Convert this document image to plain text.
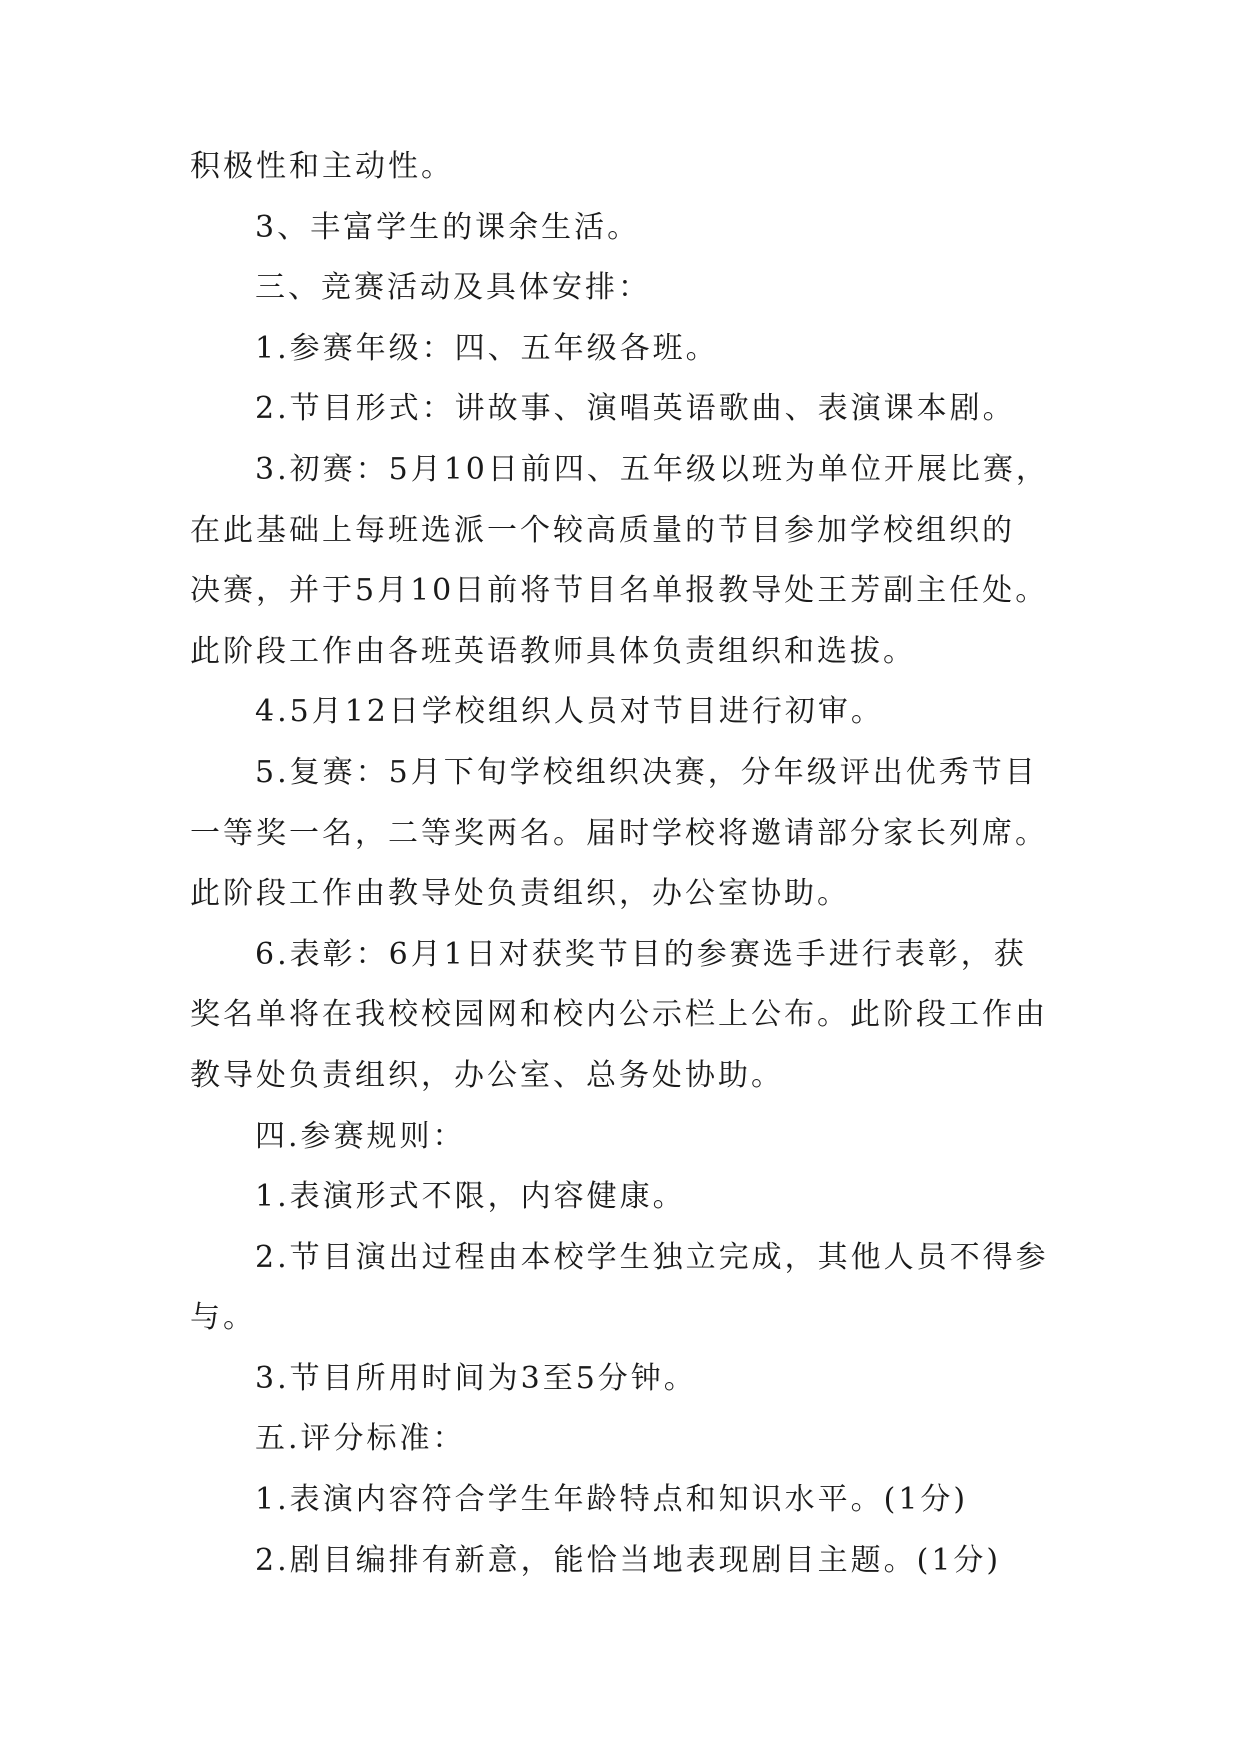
积极性和主动性。
3、丰富学生的课余生活。
三、竞赛活动及具体安排：
1.参赛年级：四、五年级各班。
2.节目形式：讲故事、演唱英语歌曲、表演课本剧。
3.初赛：5月10日前四、五年级以班为单位开展比赛，
在此基础上每班选派一个较高质量的节目参加学校组织的
决赛，并于5月10日前将节目名单报教导处王芳副主任处。
此阶段工作由各班英语教师具体负责组织和选拔。
4.5月12日学校组织人员对节目进行初审。
5.复赛：5月下旬学校组织决赛，分年级评出优秀节目
一等奖一名，二等奖两名。届时学校将邀请部分家长列席。
此阶段工作由教导处负责组织，办公室协助。
6.表彰：6月1日对获奖节目的参赛选手进行表彰，获
奖名单将在我校校园网和校内公示栏上公布。此阶段工作由
教导处负责组织，办公室、总务处协助。
四.参赛规则：
1.表演形式不限，内容健康。
2.节目演出过程由本校学生独立完成，其他人员不得参
与。
3.节目所用时间为3至5分钟。
五.评分标准：
1.表演内容符合学生年龄特点和知识水平。(1分)
2.剧目编排有新意，能恰当地表现剧目主题。(1分)
